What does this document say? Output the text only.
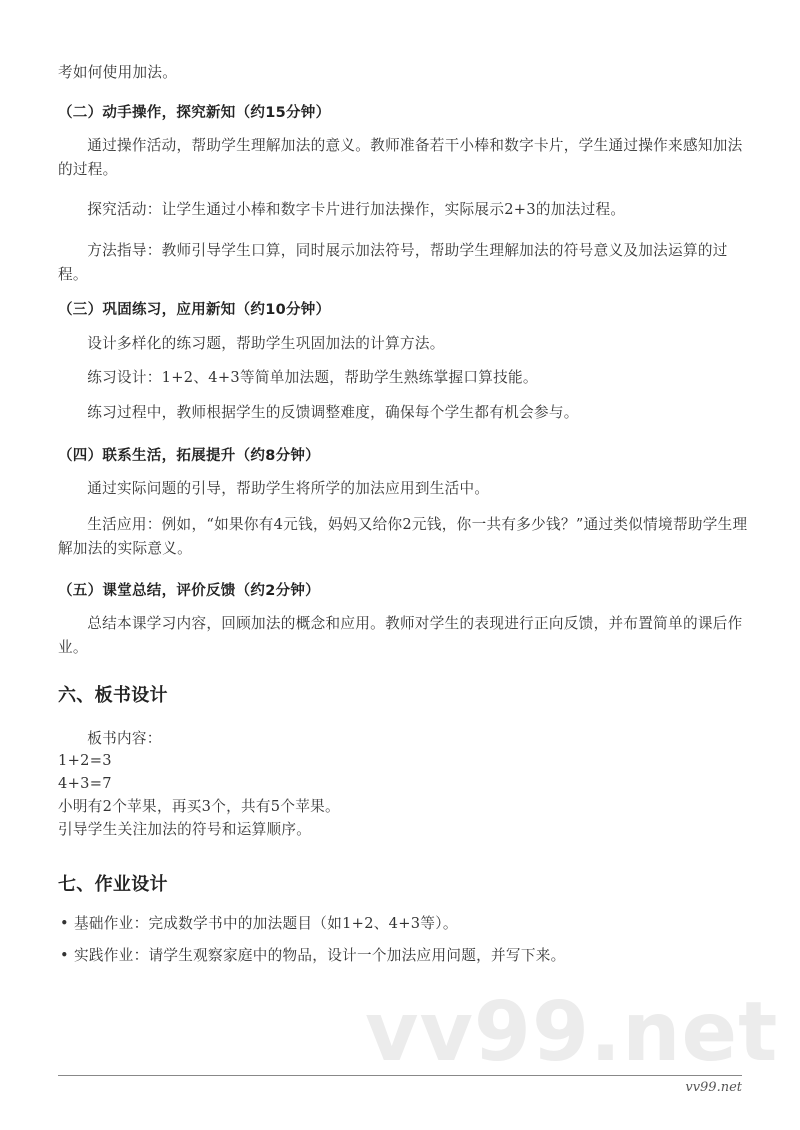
考如何使用加法。
（二）动手操作，探究新知（约15分钟）
通过操作活动，帮助学生理解加法的意义。教师准备若干小棒和数字卡片，学生通过操作来感知加法的过程。
探究活动：让学生通过小棒和数字卡片进行加法操作，实际展示2+3的加法过程。
方法指导：教师引导学生口算，同时展示加法符号，帮助学生理解加法的符号意义及加法运算的过程。
（三）巩固练习，应用新知（约10分钟）
设计多样化的练习题，帮助学生巩固加法的计算方法。
练习设计：1+2、4+3等简单加法题，帮助学生熟练掌握口算技能。
练习过程中，教师根据学生的反馈调整难度，确保每个学生都有机会参与。
（四）联系生活，拓展提升（约8分钟）
通过实际问题的引导，帮助学生将所学的加法应用到生活中。
生活应用：例如，“如果你有4元钱，妈妈又给你2元钱，你一共有多少钱？”通过类似情境帮助学生理解加法的实际意义。
（五）课堂总结，评价反馈（约2分钟）
总结本课学习内容，回顾加法的概念和应用。教师对学生的表现进行正向反馈，并布置简单的课后作业。
六、板书设计
板书内容：
1+2=3
4+3=7
小明有2个苹果，再买3个，共有5个苹果。
引导学生关注加法的符号和运算顺序。
七、作业设计
• 基础作业：完成数学书中的加法题目（如1+2、4+3等）。
• 实践作业：请学生观察家庭中的物品，设计一个加法应用问题，并写下来。
vv99.net
vv99.net
